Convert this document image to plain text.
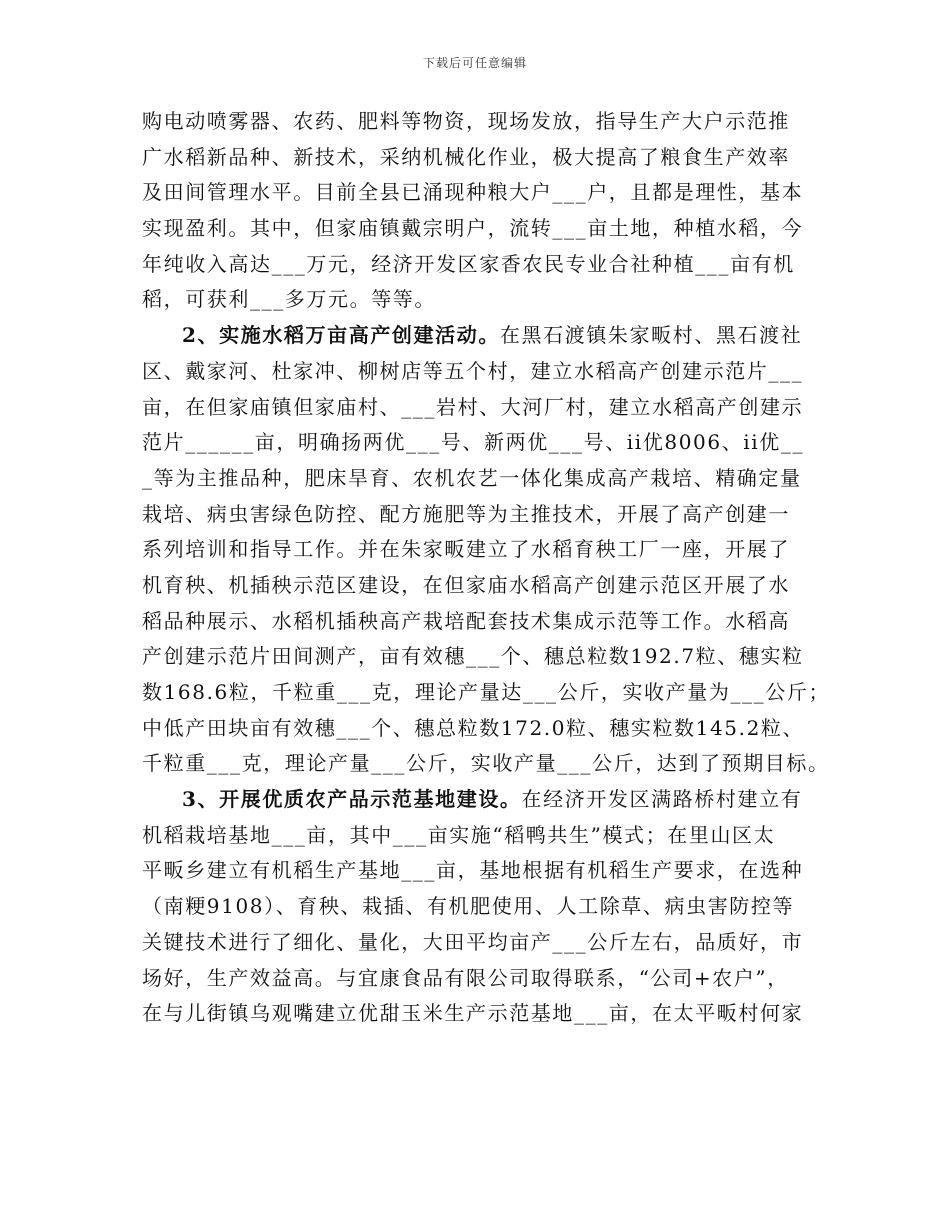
下载后可任意编辑
购电动喷雾器、农药、肥料等物资，现场发放，指导生产大户示范推
广水稻新品种、新技术，采纳机械化作业，极大提高了粮食生产效率
及田间管理水平。目前全县已涌现种粮大户___户，且都是理性，基本
实现盈利。其中，但家庙镇戴宗明户，流转___亩土地，种植水稻，今
年纯收入高达___万元，经济开发区家香农民专业合社种植___亩有机
稻，可获利___多万元。等等。
2、实施水稻万亩高产创建活动。在黑石渡镇朱家畈村、黑石渡社
区、戴家河、杜家冲、柳树店等五个村，建立水稻高产创建示范片___
亩，在但家庙镇但家庙村、___岩村、大河厂村，建立水稻高产创建示
范片______亩，明确扬两优___号、新两优___号、ii优8006、ii优__
_等为主推品种，肥床旱育、农机农艺一体化集成高产栽培、精确定量
栽培、病虫害绿色防控、配方施肥等为主推技术，开展了高产创建一
系列培训和指导工作。并在朱家畈建立了水稻育秧工厂一座，开展了
机育秧、机插秧示范区建设，在但家庙水稻高产创建示范区开展了水
稻品种展示、水稻机插秧高产栽培配套技术集成示范等工作。水稻高
产创建示范片田间测产，亩有效穗___个、穗总粒数192.7粒、穗实粒
数168.6粒，千粒重___克，理论产量达___公斤，实收产量为___公斤；
中低产田块亩有效穗___个、穗总粒数172.0粒、穗实粒数145.2粒、
千粒重___克，理论产量___公斤，实收产量___公斤，达到了预期目标。
3、开展优质农产品示范基地建设。在经济开发区满路桥村建立有
机稻栽培基地___亩，其中___亩实施“稻鸭共生”模式；在里山区太
平畈乡建立有机稻生产基地___亩，基地根据有机稻生产要求，在选种
（南粳9108）、育秧、栽插、有机肥使用、人工除草、病虫害防控等
关键技术进行了细化、量化，大田平均亩产___公斤左右，品质好，市
场好，生产效益高。与宜康食品有限公司取得联系，“公司+农户”，
在与儿街镇乌观嘴建立优甜玉米生产示范基地___亩，在太平畈村何家
